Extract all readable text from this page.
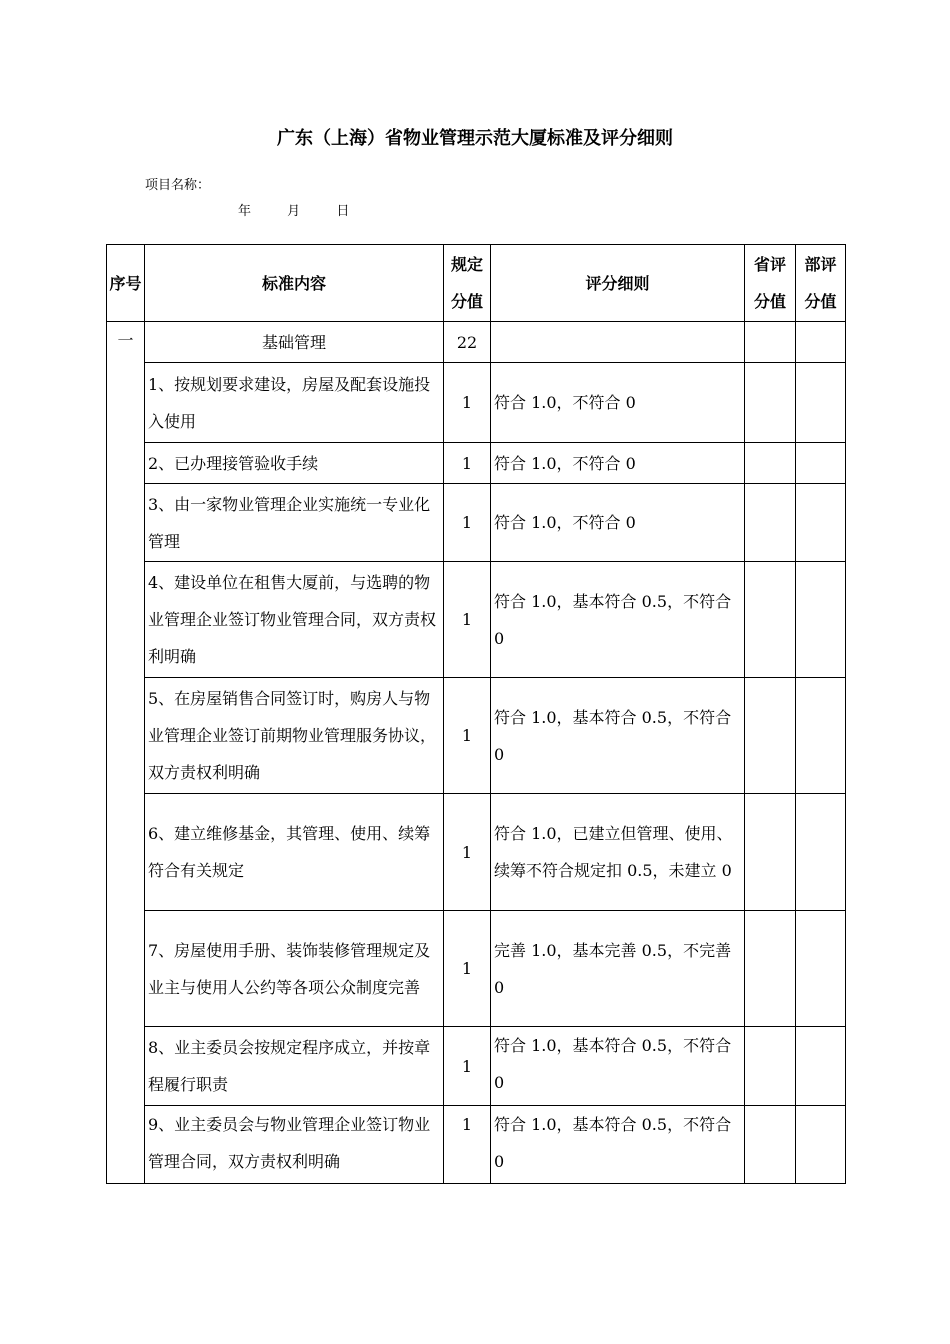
广东（上海）省物业管理示范大厦标准及评分细则
项目名称：
年	月	日
序号	标准内容	规定分值	评分细则	省评分值	部评分值
一	基础管理	22			
	1、按规划要求建设，房屋及配套设施投入使用	1	符合 1.0，不符合 0		
	2、已办理接管验收手续	1	符合 1.0，不符合 0		
	3、由一家物业管理企业实施统一专业化管理	1	符合 1.0，不符合 0		
	4、建设单位在租售大厦前，与选聘的物业管理企业签订物业管理合同，双方责权利明确	1	符合 1.0，基本符合 0.5，不符合 0		
	5、在房屋销售合同签订时，购房人与物业管理企业签订前期物业管理服务协议，双方责权利明确	1	符合 1.0，基本符合 0.5，不符合 0		
	6、建立维修基金，其管理、使用、续筹符合有关规定	1	符合 1.0，已建立但管理、使用、续筹不符合规定扣 0.5，未建立 0		
	7、房屋使用手册、装饰装修管理规定及业主与使用人公约等各项公众制度完善	1	完善 1.0，基本完善 0.5，不完善 0		
	8、业主委员会按规定程序成立，并按章程履行职责	1	符合 1.0，基本符合 0.5，不符合 0		
	9、业主委员会与物业管理企业签订物业管理合同，双方责权利明确	1	符合 1.0，基本符合 0.5，不符合 0		
